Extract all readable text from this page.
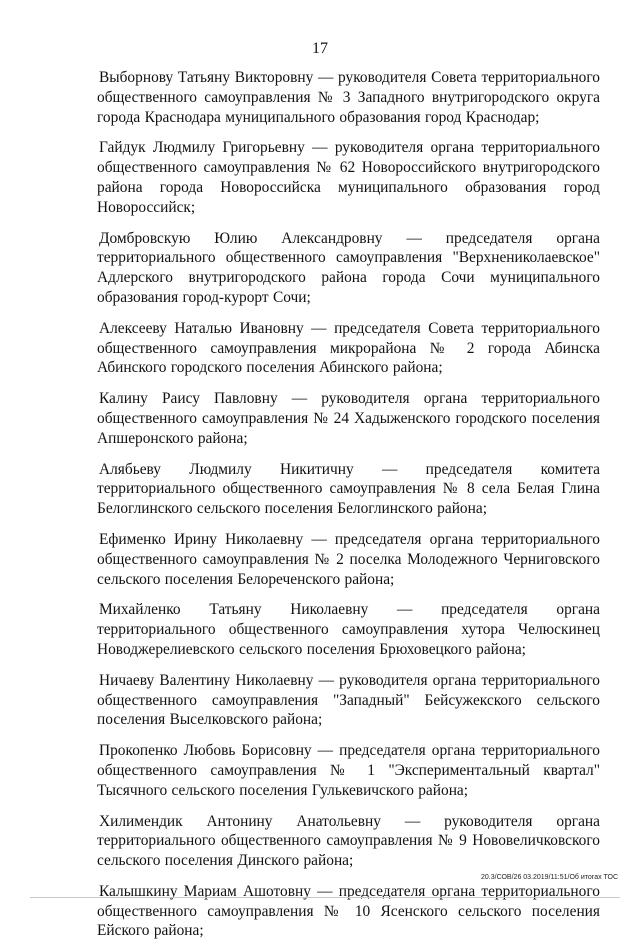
17

Выборнову Татьяну Викторовну — руководителя Совета территориального общественного самоуправления № 3 Западного внутригородского округа города Краснодара муниципального образования город Краснодар;

Гайдук Людмилу Григорьевну — руководителя органа территориального общественного самоуправления № 62 Новороссийского внутригородского района города Новороссийска муниципального образования город Новороссийск;

Домбровскую Юлию Александровну — председателя органа территориального общественного самоуправления "Верхнениколаевское" Адлерского внутригородского района города Сочи муниципального образования город-курорт Сочи;

Алексееву Наталью Ивановну — председателя Совета территориального общественного самоуправления микрорайона № 2 города Абинска Абинского городского поселения Абинского района;

Калину Раису Павловну — руководителя органа территориального общественного самоуправления № 24 Хадыженского городского поселения Апшеронского района;

Алябьеву Людмилу Никитичну — председателя комитета территориального общественного самоуправления № 8 села Белая Глина Белоглинского сельского поселения Белоглинского района;

Ефименко Ирину Николаевну — председателя органа территориального общественного самоуправления № 2 поселка Молодежного Черниговского сельского поселения Белореченского района;

Михайленко Татьяну Николаевну — председателя органа территориального общественного самоуправления хутора Челюскинец Новоджерелиевского сельского поселения Брюховецкого района;

Ничаеву Валентину Николаевну — руководителя органа территориального общественного самоуправления "Западный" Бейсужекского сельского поселения Выселковского района;

Прокопенко Любовь Борисовну — председателя органа территориального общественного самоуправления № 1 "Экспериментальный квартал" Тысячного сельского поселения Гулькевичского района;

Хилимендик Антонину Анатольевну — руководителя органа территориального общественного самоуправления № 9 Нововеличковского сельского поселения Динского района;

Калышкину Мариам Ашотовну — председателя органа территориального общественного самоуправления № 10 Ясенского сельского поселения Ейского района;

20.3/СОВ/26 03.2019/11:51/Об итогах ТОС
